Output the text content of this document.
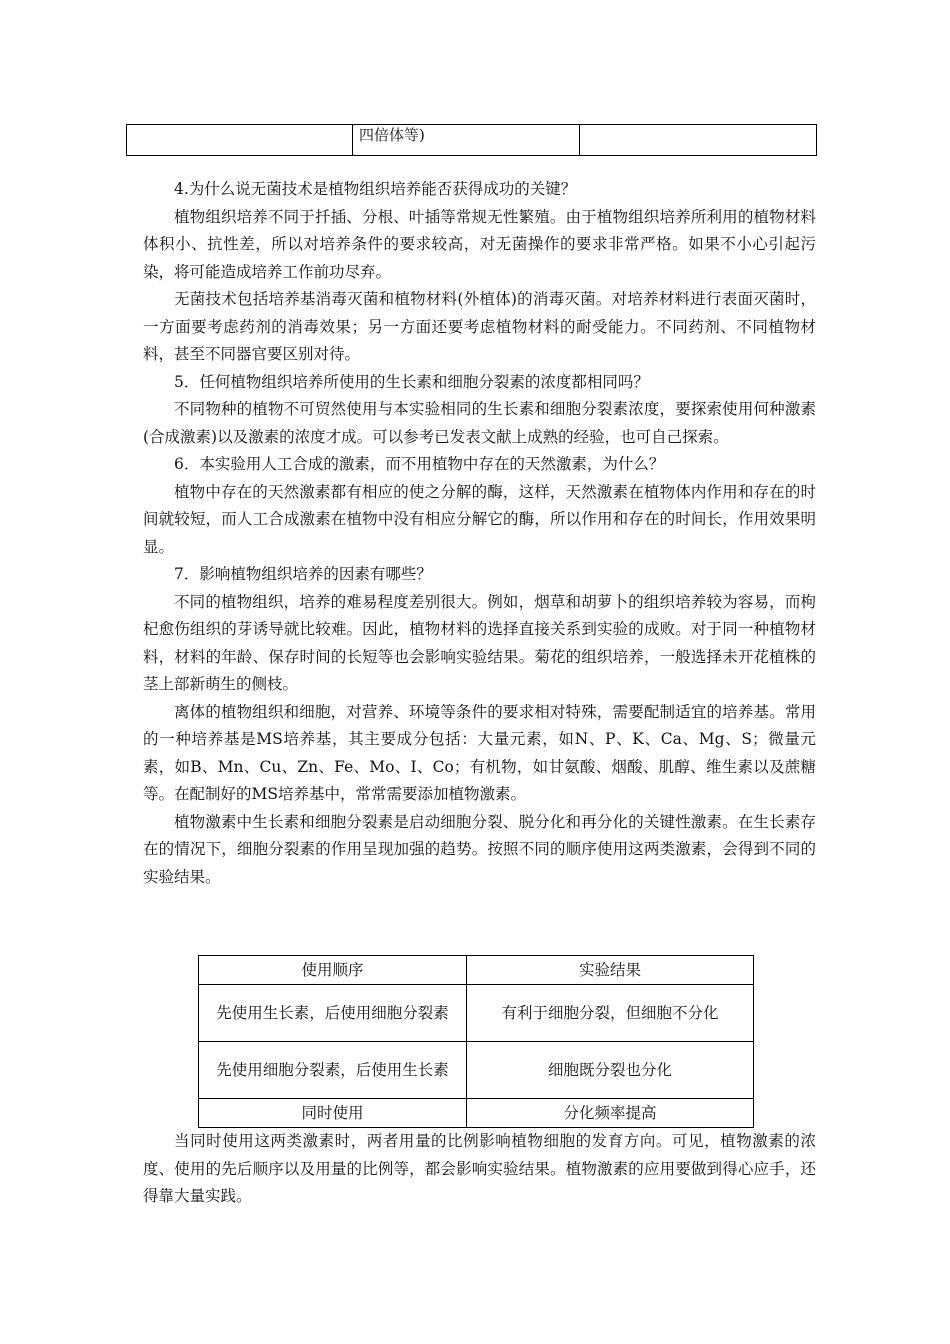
	四倍体等)	

4.为什么说无菌技术是植物组织培养能否获得成功的关键？

植物组织培养不同于扦插、分根、叶插等常规无性繁殖。由于植物组织培养所利用的植物材料体积小、抗性差，所以对培养条件的要求较高，对无菌操作的要求非常严格。如果不小心引起污染，将可能造成培养工作前功尽弃。

无菌技术包括培养基消毒灭菌和植物材料(外植体)的消毒灭菌。对培养材料进行表面灭菌时，一方面要考虑药剂的消毒效果；另一方面还要考虑植物材料的耐受能力。不同药剂、不同植物材料，甚至不同器官要区别对待。

5．任何植物组织培养所使用的生长素和细胞分裂素的浓度都相同吗？

不同物种的植物不可贸然使用与本实验相同的生长素和细胞分裂素浓度，要探索使用何种激素(合成激素)以及激素的浓度才成。可以参考已发表文献上成熟的经验，也可自己探索。

6．本实验用人工合成的激素，而不用植物中存在的天然激素，为什么？

植物中存在的天然激素都有相应的使之分解的酶，这样，天然激素在植物体内作用和存在的时间就较短，而人工合成激素在植物中没有相应分解它的酶，所以作用和存在的时间长，作用效果明显。

7．影响植物组织培养的因素有哪些？

不同的植物组织，培养的难易程度差别很大。例如，烟草和胡萝卜的组织培养较为容易，而枸杞愈伤组织的芽诱导就比较难。因此，植物材料的选择直接关系到实验的成败。对于同一种植物材料，材料的年龄、保存时间的长短等也会影响实验结果。菊花的组织培养，一般选择未开花植株的茎上部新萌生的侧枝。

离体的植物组织和细胞，对营养、环境等条件的要求相对特殊，需要配制适宜的培养基。常用的一种培养基是MS培养基，其主要成分包括：大量元素，如N、P、K、Ca、Mg、S；微量元素，如B、Mn、Cu、Zn、Fe、Mo、I、Co；有机物，如甘氨酸、烟酸、肌醇、维生素以及蔗糖等。在配制好的MS培养基中，常常需要添加植物激素。

植物激素中生长素和细胞分裂素是启动细胞分裂、脱分化和再分化的关键性激素。在生长素存在的情况下，细胞分裂素的作用呈现加强的趋势。按照不同的顺序使用这两类激素，会得到不同的实验结果。

使用顺序	实验结果
先使用生长素，后使用细胞分裂素	有利于细胞分裂，但细胞不分化
先使用细胞分裂素，后使用生长素	细胞既分裂也分化
同时使用	分化频率提高

当同时使用这两类激素时，两者用量的比例影响植物细胞的发育方向。可见，植物激素的浓度、使用的先后顺序以及用量的比例等，都会影响实验结果。植物激素的应用要做到得心应手，还得靠大量实践。
